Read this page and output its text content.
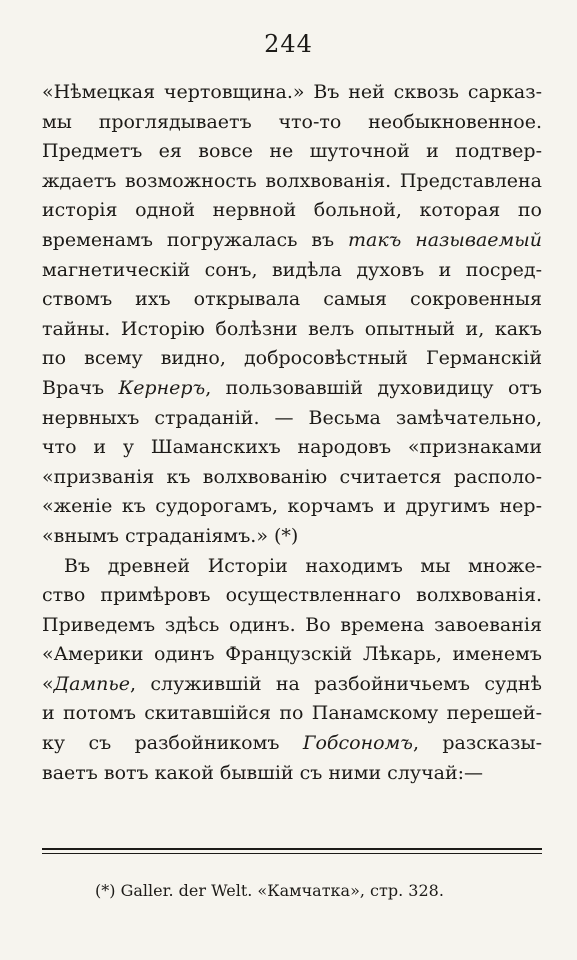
244
«Нѣмецкая чертовщина.» Въ ней сквозь сарказ-
мы проглядываетъ что-то необыкновенное.
Предметъ ея вовсе не шуточной и подтвер-
ждаетъ возможность волхвованія. Представлена
исторія одной нервной больной, которая по
временамъ погружалась въ такъ называемый
магнетическій сонъ, видѣла духовъ и посред-
ствомъ ихъ открывала самыя сокровенныя
тайны. Исторію болѣзни велъ опытный и, какъ
по всему видно, добросовѣстный Германскій
Врачъ Кернеръ, пользовавшій духовидицу отъ
нервныхъ страданій. — Весьма замѣчательно,
что и у Шаманскихъ народовъ «признаками
«призванія къ волхвованію считается располо-
«женіе къ судорогамъ, корчамъ и другимъ нер-
«внымъ страданіямъ.» (*)
Въ древней Исторіи находимъ мы множе-
ство примѣровъ осуществленнаго волхвованія.
Приведемъ здѣсь одинъ. Во времена завоеванія
«Америки одинъ Французскій Лѣкарь, именемъ
«Дампье, служившій на разбойничьемъ суднѣ
и потомъ скитавшійся по Панамскому перешей-
ку съ разбойникомъ Гобсономъ, разсказы-
ваетъ вотъ какой бывшій съ ними случай:—
(*) Galler. der Welt. «Камчатка», стр. 328.
